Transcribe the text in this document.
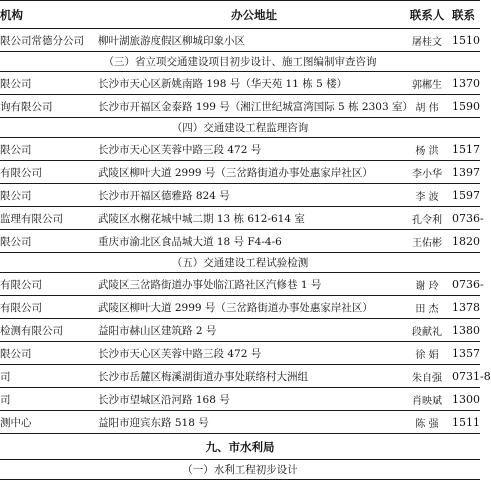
机构	办公地址	联系人 联系
限公司常德分公司	柳叶湖旅游度假区柳城印象小区	屠桂文 1510
（三）省立项交通建设项目初步设计、施工图编制审查咨询
限公司	长沙市天心区新姚南路 198 号（华天苑 11 栋 5 楼）	郭郴生 1370
询有限公司	长沙市开福区金泰路 199 号（湘江世纪城富湾国际 5 栋 2303 室） 胡 伟	1590
（四）交通建设工程监理咨询
限公司	长沙市天心区芙蓉中路三段 472 号	杨 洪	1517
有限公司	武陵区柳叶大道 2999 号（三岔路街道办事处惠家岸社区）	李小华 1397
限公司	长沙市开福区德雅路 824 号	李 波	1597
监理有限公司	武陵区水榭花城中城二期 13 栋 612-614 室	孔令利 0736-
限公司	重庆市渝北区食品城大道 18 号 F4-4-6	王佑彬 1820
（五）交通建设工程试验检测
有限公司	武陵区三岔路街道办事处临江路社区汽修巷 1 号	谢 玲	0736-
有限公司	武陵区柳叶大道 2999 号（三岔路街道办事处惠家岸社区）	田 杰	1378
检测有限公司	益阳市赫山区建筑路 2 号	段献礼 1380
限公司	长沙市天心区芙蓉中路三段 472 号	徐 娟	1357
司	长沙市岳麓区梅溪湖街道办事处联络村大洲组	朱自强 0731-8
司	长沙市望城区沿河路 168 号	肖映斌 1300
测中心	益阳市迎宾东路 518 号	陈 强	1511
九、市水利局
（一）水利工程初步设计
